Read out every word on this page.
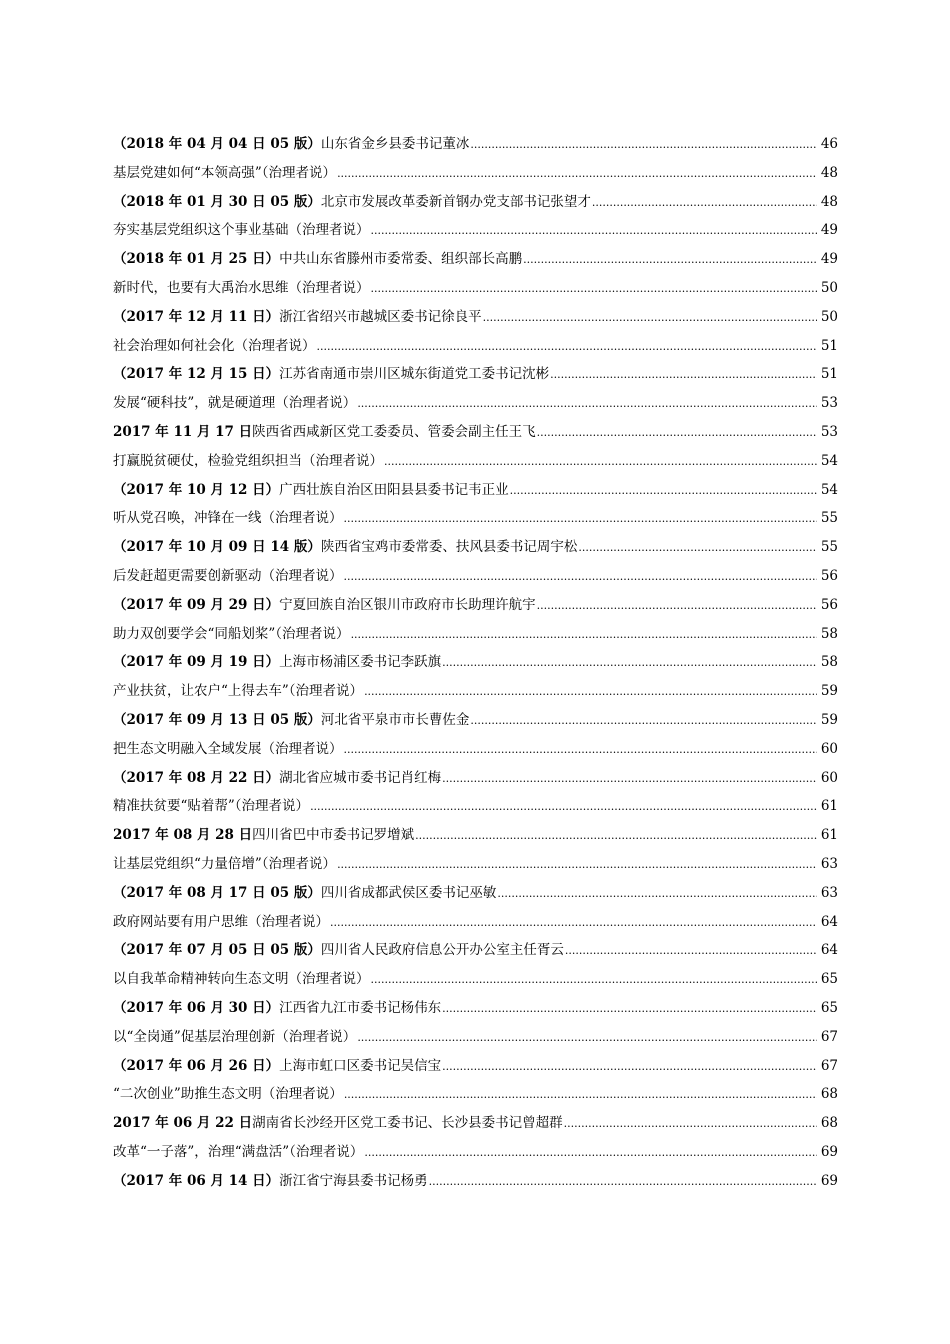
（2018 年 04 月 04 日 05 版） 山东省金乡县委书记董冰 .....	46
基层党建如何“本领高强”（治理者说） .....	48
（2018 年 01 月 30 日 05 版） 北京市发展改革委新首钢办党支部书记张望才 .....	48
夯实基层党组织这个事业基础（治理者说） .....	49
（2018 年 01 月 25 日） 中共山东省滕州市委常委、组织部长高鹏 .....	49
新时代，也要有大禹治水思维（治理者说） .....	50
（2017 年 12 月 11 日） 浙江省绍兴市越城区委书记徐良平 .....	50
社会治理如何社会化（治理者说） .....	51
（2017 年 12 月 15 日） 江苏省南通市崇川区城东街道党工委书记沈彬 .....	51
发展“硬科技”，就是硬道理（治理者说） .....	53
2017 年 11 月 17 日 陕西省西咸新区党工委委员、管委会副主任王飞 .....	53
打赢脱贫硬仗，检验党组织担当（治理者说） .....	54
（2017 年 10 月 12 日） 广西壮族自治区田阳县县委书记韦正业 .....	54
听从党召唤，冲锋在一线（治理者说） .....	55
（2017 年 10 月 09 日 14 版） 陕西省宝鸡市委常委、扶风县委书记周宇松 .....	55
后发赶超更需要创新驱动（治理者说） .....	56
（2017 年 09 月 29 日） 宁夏回族自治区银川市政府市长助理许航宇 .....	56
助力双创要学会“同船划桨”（治理者说） .....	58
（2017 年 09 月 19 日） 上海市杨浦区委书记李跃旗 .....	58
产业扶贫，让农户“上得去车”（治理者说） .....	59
（2017 年 09 月 13 日 05 版） 河北省平泉市市长曹佐金 .....	59
把生态文明融入全域发展（治理者说） .....	60
（2017 年 08 月 22 日） 湖北省应城市委书记肖红梅 .....	60
精准扶贫要“贴着帮”（治理者说） .....	61
2017 年 08 月 28 日 四川省巴中市委书记罗增斌 .....	61
让基层党组织“力量倍增”（治理者说） .....	63
（2017 年 08 月 17 日 05 版） 四川省成都武侯区委书记巫敏 .....	63
政府网站要有用户思维（治理者说） .....	64
（2017 年 07 月 05 日 05 版） 四川省人民政府信息公开办公室主任胥云 .....	64
以自我革命精神转向生态文明（治理者说） .....	65
（2017 年 06 月 30 日） 江西省九江市委书记杨伟东 .....	65
以“全岗通”促基层治理创新（治理者说） .....	67
（2017 年 06 月 26 日） 上海市虹口区委书记吴信宝 .....	67
“二次创业”助推生态文明（治理者说） .....	68
2017 年 06 月 22 日 湖南省长沙经开区党工委书记、长沙县委书记曾超群 .....	68
改革“一子落”，治理“满盘活”（治理者说） .....	69
（2017 年 06 月 14 日） 浙江省宁海县委书记杨勇 .....	69
